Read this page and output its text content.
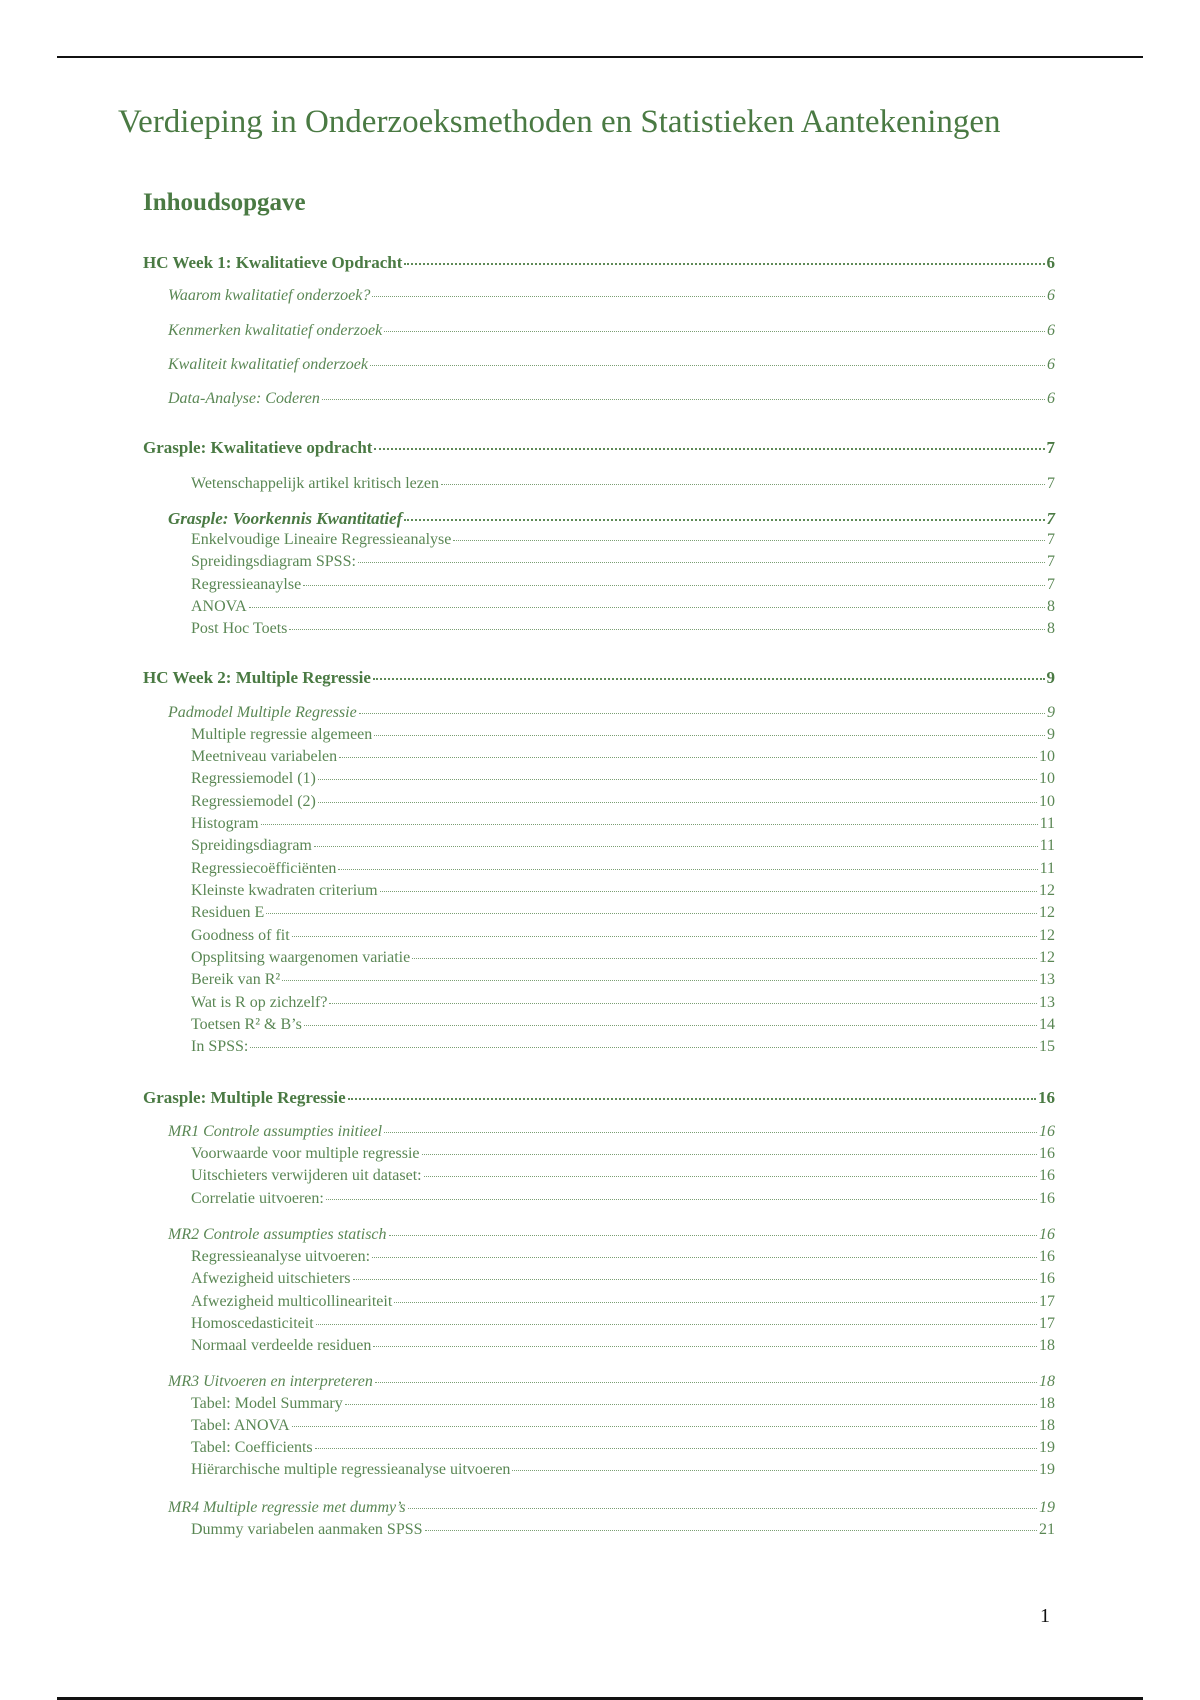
Verdieping in Onderzoeksmethoden en Statistieken Aantekeningen
Inhoudsopgave
HC Week 1: Kwalitatieve Opdracht	6
Waarom kwalitatief onderzoek?	6
Kenmerken kwalitatief onderzoek	6
Kwaliteit kwalitatief onderzoek	6
Data-Analyse: Coderen	6
Grasple: Kwalitatieve opdracht	7
Wetenschappelijk artikel kritisch lezen	7
Grasple: Voorkennis Kwantitatief	7
Enkelvoudige Lineaire Regressieanalyse	7
Spreidingsdiagram SPSS:	7
Regressieanaylse	7
ANOVA	8
Post Hoc Toets	8
HC Week 2: Multiple Regressie	9
Padmodel Multiple Regressie	9
Multiple regressie algemeen	9
Meetniveau variabelen	10
Regressiemodel (1)	10
Regressiemodel (2)	10
Histogram	11
Spreidingsdiagram	11
Regressiecoëfficiënten	11
Kleinste kwadraten criterium	12
Residuen E	12
Goodness of fit	12
Opsplitsing waargenomen variatie	12
Bereik van R²	13
Wat is R op zichzelf?	13
Toetsen R² & B’s	14
In SPSS:	15
Grasple: Multiple Regressie	16
MR1 Controle assumpties initieel	16
Voorwaarde voor multiple regressie	16
Uitschieters verwijderen uit dataset:	16
Correlatie uitvoeren:	16
MR2 Controle assumpties statisch	16
Regressieanalyse uitvoeren:	16
Afwezigheid uitschieters	16
Afwezigheid multicollineariteit	17
Homoscedasticiteit	17
Normaal verdeelde residuen	18
MR3 Uitvoeren en interpreteren	18
Tabel: Model Summary	18
Tabel: ANOVA	18
Tabel: Coefficients	19
Hiërarchische multiple regressieanalyse uitvoeren	19
MR4 Multiple regressie met dummy’s	19
Dummy variabelen aanmaken SPSS	21
1
